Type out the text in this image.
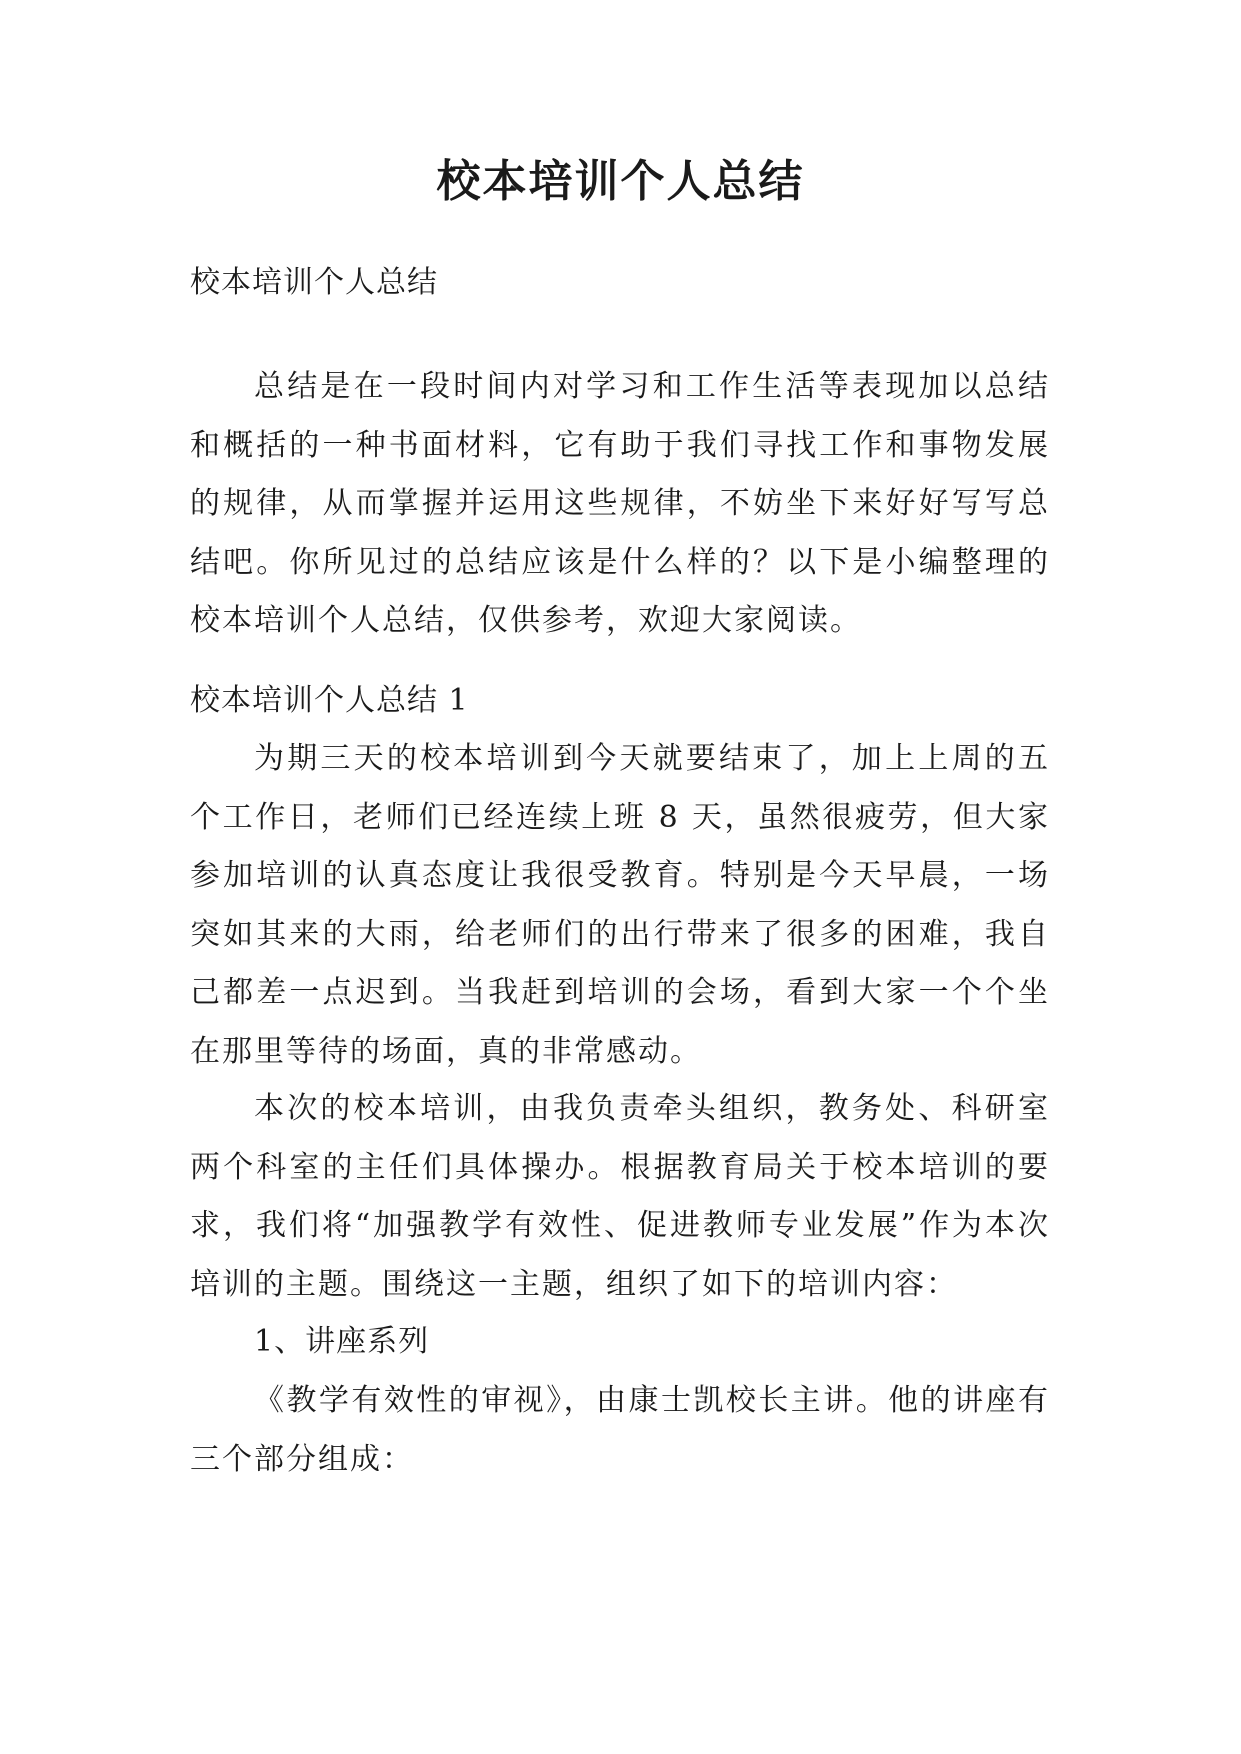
校本培训个人总结

校本培训个人总结

总结是在一段时间内对学习和工作生活等表现加以总结和概括的一种书面材料，它有助于我们寻找工作和事物发展的规律，从而掌握并运用这些规律，不妨坐下来好好写写总结吧。你所见过的总结应该是什么样的？以下是小编整理的校本培训个人总结，仅供参考，欢迎大家阅读。

校本培训个人总结 1

为期三天的校本培训到今天就要结束了，加上上周的五个工作日，老师们已经连续上班 8 天，虽然很疲劳，但大家参加培训的认真态度让我很受教育。特别是今天早晨，一场突如其来的大雨，给老师们的出行带来了很多的困难，我自己都差一点迟到。当我赶到培训的会场，看到大家一个个坐在那里等待的场面，真的非常感动。

本次的校本培训，由我负责牵头组织，教务处、科研室两个科室的主任们具体操办。根据教育局关于校本培训的要求，我们将“加强教学有效性、促进教师专业发展”作为本次培训的主题。围绕这一主题，组织了如下的培训内容：

1、讲座系列

《教学有效性的审视》，由康士凯校长主讲。他的讲座有三个部分组成：
